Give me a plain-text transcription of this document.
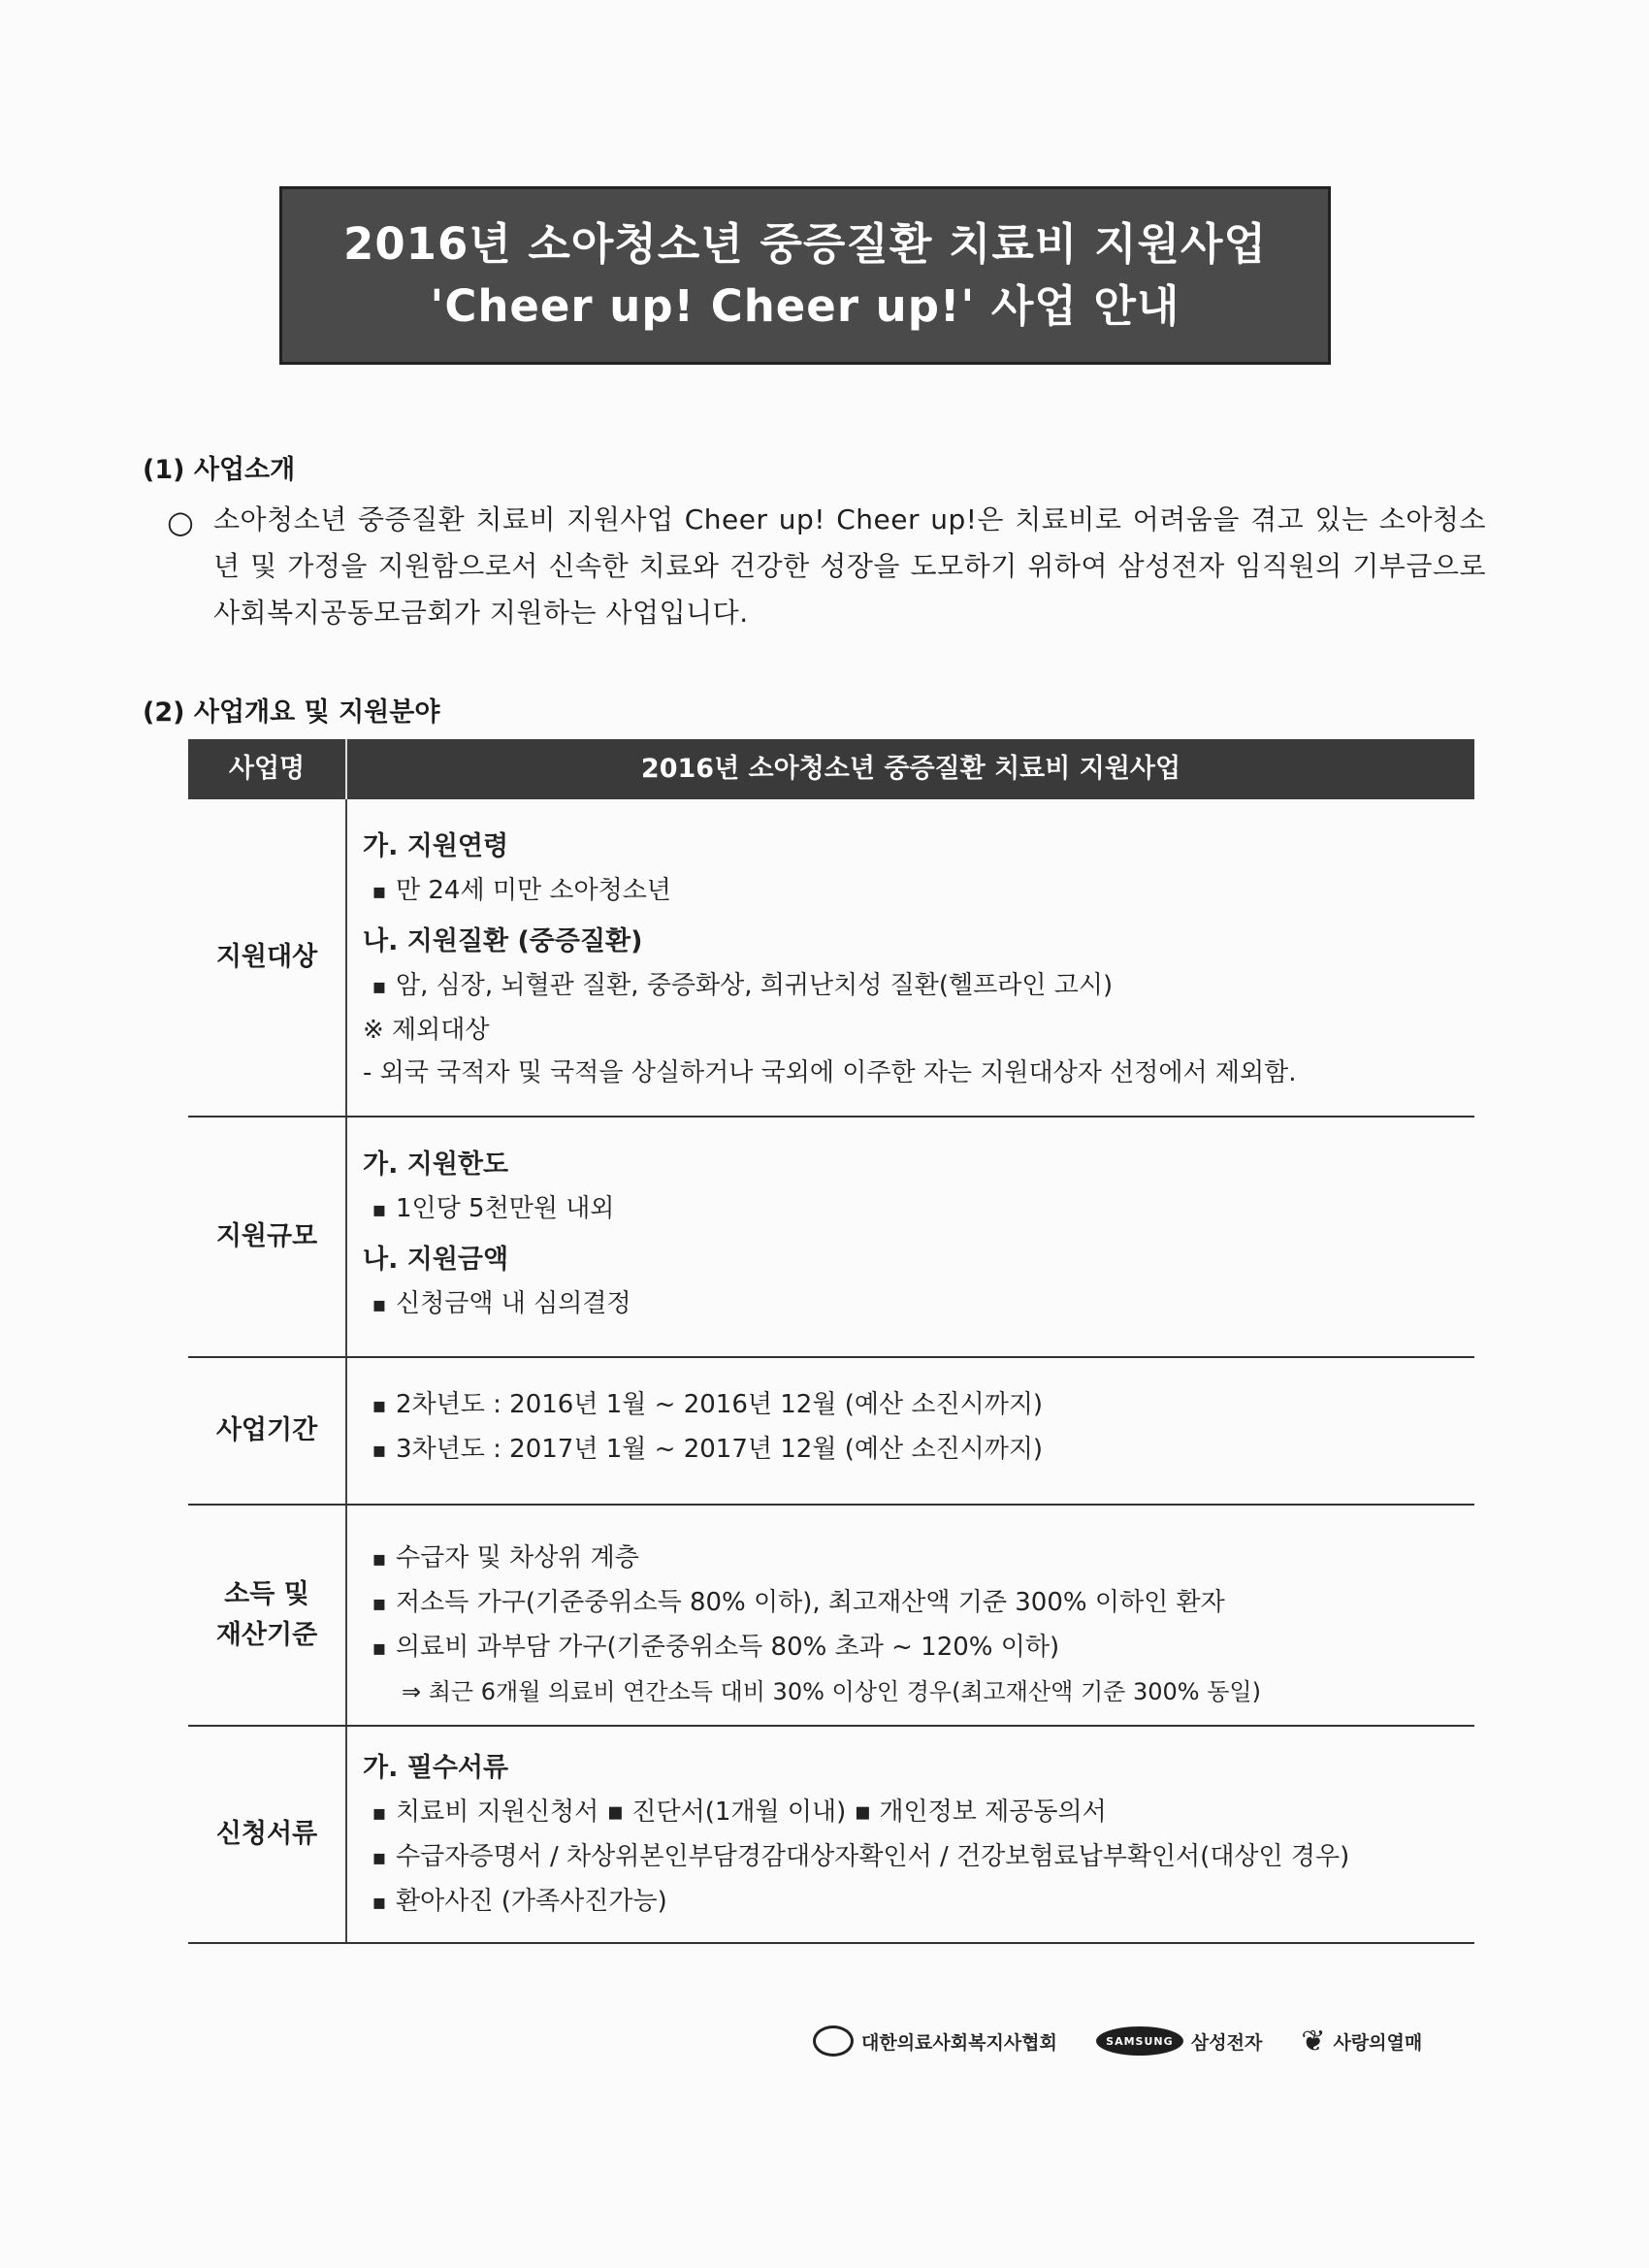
2016년 소아청소년 중증질환 치료비 지원사업
'Cheer up! Cheer up!' 사업 안내
(1) 사업소개
○ 소아청소년 중증질환 치료비 지원사업 Cheer up! Cheer up!은 치료비로 어려움을 겪고 있는 소아청소년 및 가정을 지원함으로서 신속한 치료와 건강한 성장을 도모하기 위하여 삼성전자 임직원의 기부금으로 사회복지공동모금회가 지원하는 사업입니다.
(2) 사업개요 및 지원분야
사업명	2016년 소아청소년 중증질환 치료비 지원사업
지원대상
가. 지원연령
▪ 만 24세 미만 소아청소년
나. 지원질환 (중증질환)
▪ 암, 심장, 뇌혈관 질환, 중증화상, 희귀난치성 질환(헬프라인 고시)
※ 제외대상
- 외국 국적자 및 국적을 상실하거나 국외에 이주한 자는 지원대상자 선정에서 제외함.
지원규모
가. 지원한도
▪ 1인당 5천만원 내외
나. 지원금액
▪ 신청금액 내 심의결정
사업기간
▪ 2차년도 : 2016년 1월 ~ 2016년 12월 (예산 소진시까지)
▪ 3차년도 : 2017년 1월 ~ 2017년 12월 (예산 소진시까지)
소득 및
재산기준
▪ 수급자 및 차상위 계층
▪ 저소득 가구(기준중위소득 80% 이하), 최고재산액 기준 300% 이하인 환자
▪ 의료비 과부담 가구(기준중위소득 80% 초과 ~ 120% 이하)
⇒ 최근 6개월 의료비 연간소득 대비 30% 이상인 경우(최고재산액 기준 300% 동일)
신청서류
가. 필수서류
▪ 치료비 지원신청서 ▪ 진단서(1개월 이내) ▪ 개인정보 제공동의서
▪ 수급자증명서 / 차상위본인부담경감대상자확인서 / 건강보험료납부확인서(대상인 경우)
▪ 환아사진 (가족사진가능)
대한의료사회복지사협회	SAMSUNG 삼성전자 ❦ 사랑의열매
